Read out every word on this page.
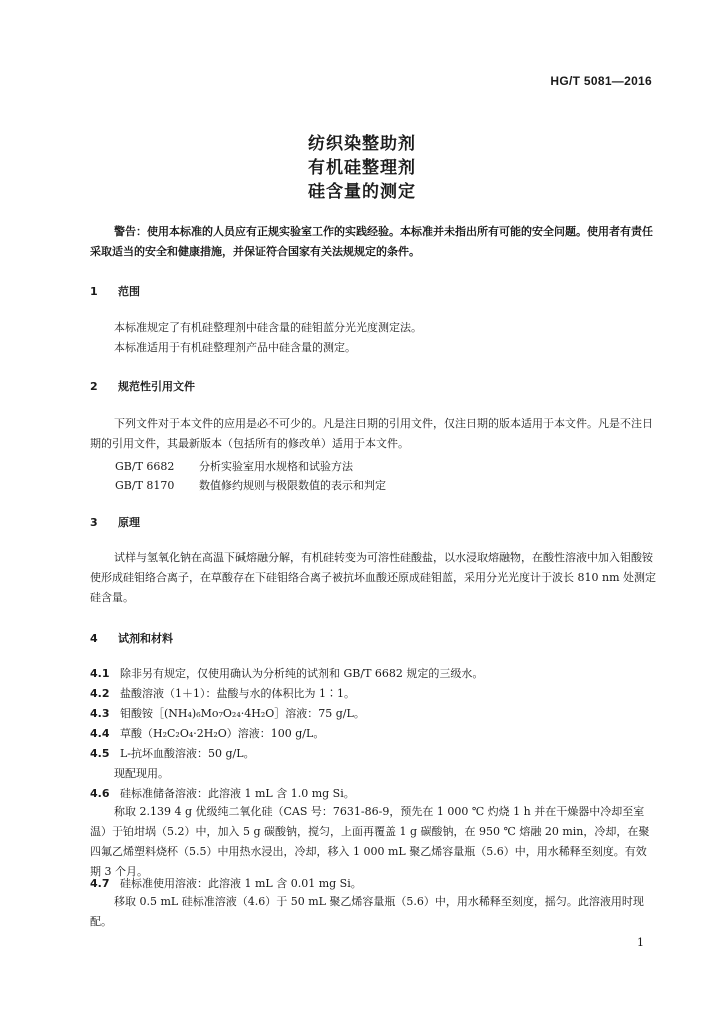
HG/T 5081—2016
纺织染整助剂
有机硅整理剂
硅含量的测定
警告：使用本标准的人员应有正规实验室工作的实践经验。本标准并未指出所有可能的安全问题。使用者有责任采取适当的安全和健康措施，并保证符合国家有关法规规定的条件。
1 范围
本标准规定了有机硅整理剂中硅含量的硅钼蓝分光光度测定法。
本标准适用于有机硅整理剂产品中硅含量的测定。
2 规范性引用文件
下列文件对于本文件的应用是必不可少的。凡是注日期的引用文件，仅注日期的版本适用于本文件。凡是不注日期的引用文件，其最新版本（包括所有的修改单）适用于本文件。
GB/T 6682 分析实验室用水规格和试验方法
GB/T 8170 数值修约规则与极限数值的表示和判定
3 原理
试样与氢氧化钠在高温下碱熔融分解，有机硅转变为可溶性硅酸盐，以水浸取熔融物，在酸性溶液中加入钼酸铵使形成硅钼络合离子，在草酸存在下硅钼络合离子被抗坏血酸还原成硅钼蓝，采用分光光度计于波长 810 nm 处测定硅含量。
4 试剂和材料
4.1 除非另有规定，仅使用确认为分析纯的试剂和 GB/T 6682 规定的三级水。
4.2 盐酸溶液（1＋1）：盐酸与水的体积比为 1∶1。
4.3 钼酸铵［(NH₄)₆Mo₇O₂₄·4H₂O］溶液：75 g/L。
4.4 草酸（H₂C₂O₄·2H₂O）溶液：100 g/L。
4.5 L-抗坏血酸溶液：50 g/L。
现配现用。
4.6 硅标准储备溶液：此溶液 1 mL 含 1.0 mg Si。
称取 2.139 4 g 优级纯二氧化硅（CAS 号：7631-86-9，预先在 1 000 ℃ 灼烧 1 h 并在干燥器中冷却至室温）于铂坩埚（5.2）中，加入 5 g 碳酸钠，搅匀，上面再覆盖 1 g 碳酸钠，在 950 ℃ 熔融 20 min，冷却，在聚四氟乙烯塑料烧杯（5.5）中用热水浸出，冷却，移入 1 000 mL 聚乙烯容量瓶（5.6）中，用水稀释至刻度。有效期 3 个月。
4.7 硅标准使用溶液：此溶液 1 mL 含 0.01 mg Si。
移取 0.5 mL 硅标准溶液（4.6）于 50 mL 聚乙烯容量瓶（5.6）中，用水稀释至刻度，摇匀。此溶液用时现配。
1
